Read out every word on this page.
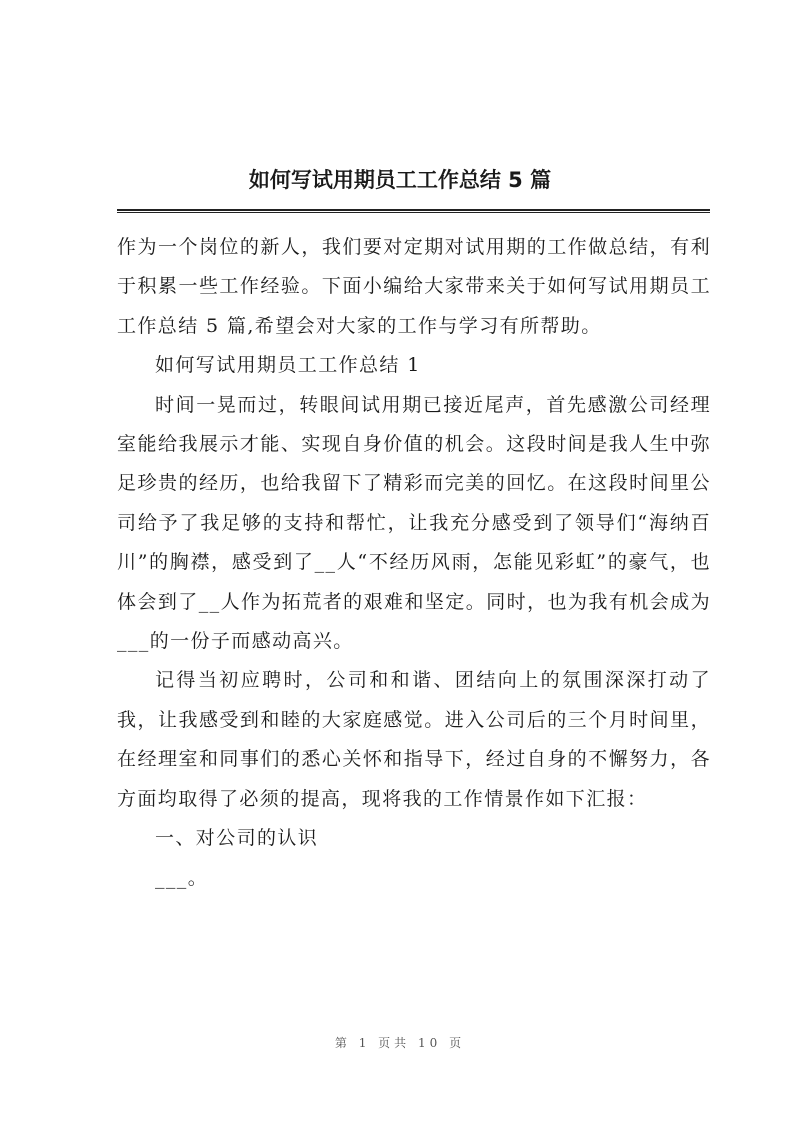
如何写试用期员工工作总结 5 篇

作为一个岗位的新人，我们要对定期对试用期的工作做总结，有利于积累一些工作经验。下面小编给大家带来关于如何写试用期员工工作总结 5 篇,希望会对大家的工作与学习有所帮助。

如何写试用期员工工作总结 1

时间一晃而过，转眼间试用期已接近尾声，首先感激公司经理室能给我展示才能、实现自身价值的机会。这段时间是我人生中弥足珍贵的经历，也给我留下了精彩而完美的回忆。在这段时间里公司给予了我足够的支持和帮忙，让我充分感受到了领导们“海纳百川”的胸襟，感受到了__人“不经历风雨，怎能见彩虹”的豪气，也体会到了__人作为拓荒者的艰难和坚定。同时，也为我有机会成为___的一份子而感动高兴。

记得当初应聘时，公司和和谐、团结向上的氛围深深打动了我，让我感受到和睦的大家庭感觉。进入公司后的三个月时间里，在经理室和同事们的悉心关怀和指导下，经过自身的不懈努力，各方面均取得了必须的提高，现将我的工作情景作如下汇报：

一、对公司的认识

___。

第 1 页共 10 页
